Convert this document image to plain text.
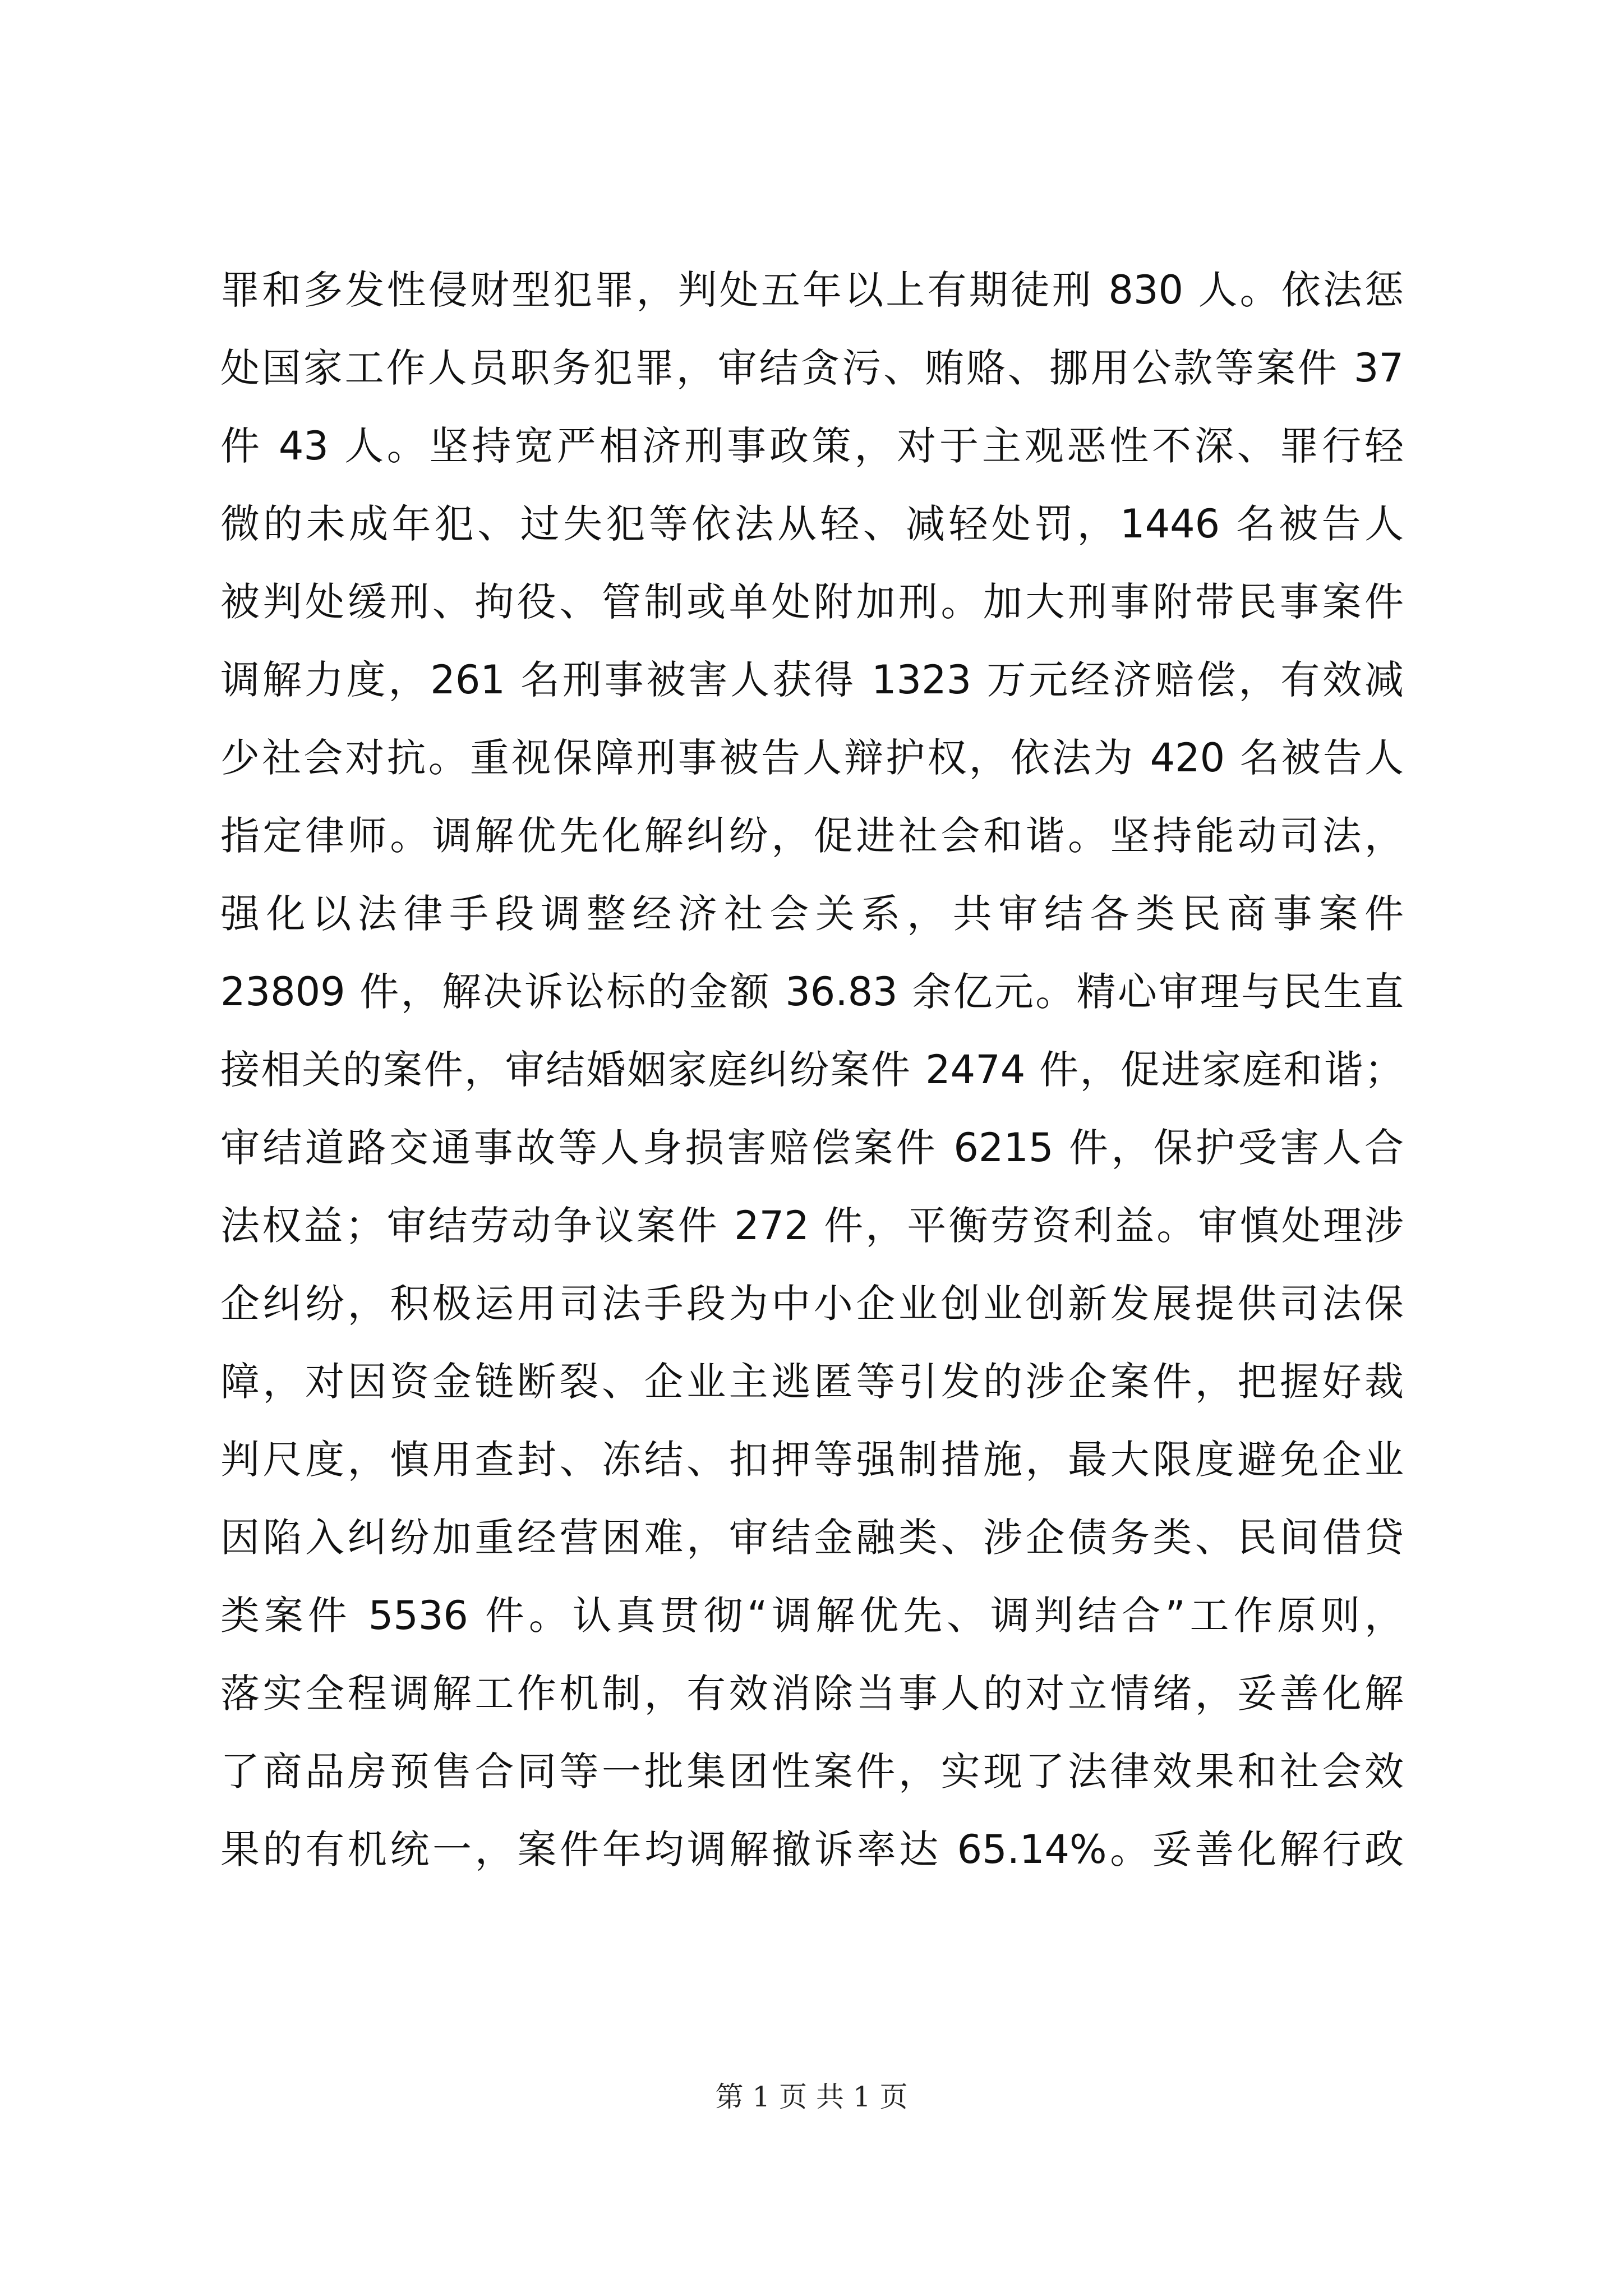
罪和多发性侵财型犯罪，判处五年以上有期徒刑 830 人。依法惩
处国家工作人员职务犯罪，审结贪污、贿赂、挪用公款等案件 37
件 43 人。坚持宽严相济刑事政策，对于主观恶性不深、罪行轻
微的未成年犯、过失犯等依法从轻、减轻处罚，1446 名被告人
被判处缓刑、拘役、管制或单处附加刑。加大刑事附带民事案件
调解力度，261 名刑事被害人获得 1323 万元经济赔偿，有效减
少社会对抗。重视保障刑事被告人辩护权，依法为 420 名被告人
指定律师。调解优先化解纠纷，促进社会和谐。坚持能动司法，
强化以法律手段调整经济社会关系，共审结各类民商事案件
23809 件，解决诉讼标的金额 36.83 余亿元。精心审理与民生直
接相关的案件，审结婚姻家庭纠纷案件 2474 件，促进家庭和谐；
审结道路交通事故等人身损害赔偿案件 6215 件，保护受害人合
法权益；审结劳动争议案件 272 件，平衡劳资利益。审慎处理涉
企纠纷，积极运用司法手段为中小企业创业创新发展提供司法保
障，对因资金链断裂、企业主逃匿等引发的涉企案件，把握好裁
判尺度，慎用查封、冻结、扣押等强制措施，最大限度避免企业
因陷入纠纷加重经营困难，审结金融类、涉企债务类、民间借贷
类案件 5536 件。认真贯彻“调解优先、调判结合”工作原则，
落实全程调解工作机制，有效消除当事人的对立情绪，妥善化解
了商品房预售合同等一批集团性案件，实现了法律效果和社会效
果的有机统一，案件年均调解撤诉率达 65.14%。妥善化解行政
第 1 页 共 1 页
